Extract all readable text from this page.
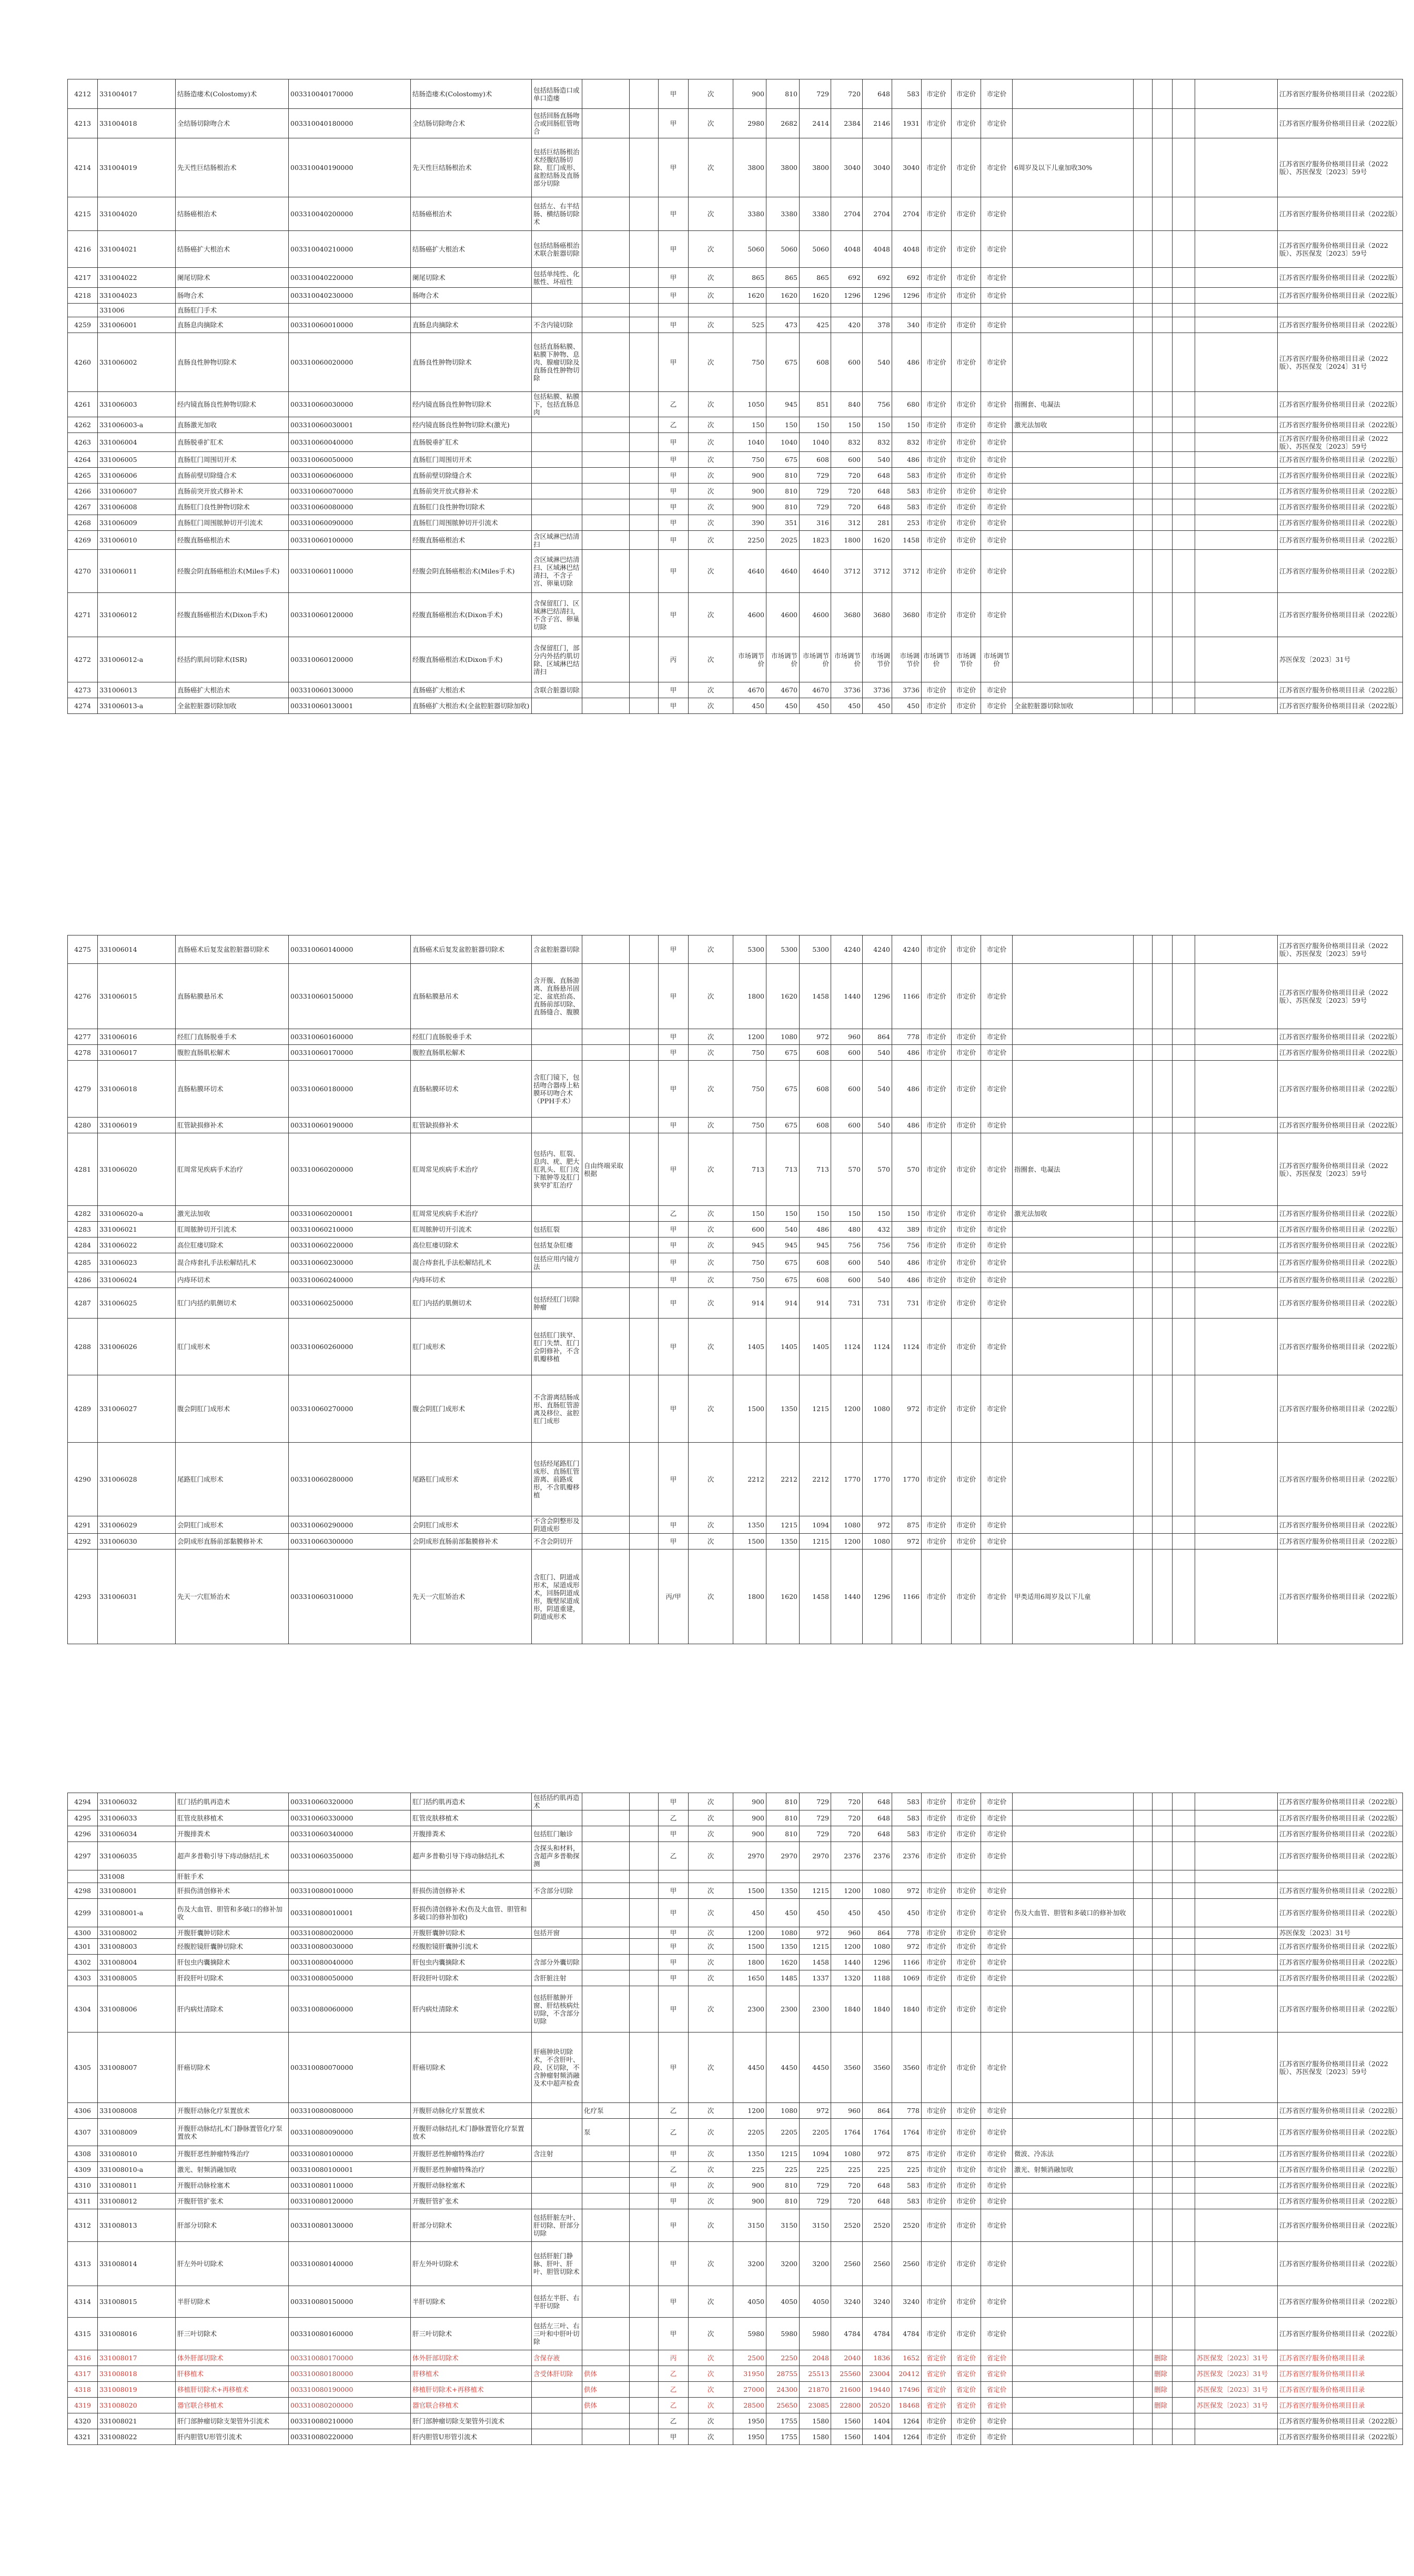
4212	331004017	结肠造瘘术(Colostomy)术	003310040170000	结肠造瘘术(Colostomy)术	包括结肠造口或单口造瘘			甲	次	900	810	729	720	648	583	市定价	市定价	市定价						江苏省医疗服务价格项目目录（2022版）
4213	331004018	全结肠切除吻合术	003310040180000	全结肠切除吻合术	包括回肠直肠吻合或回肠肛管吻合			甲	次	2980	2682	2414	2384	2146	1931	市定价	市定价	市定价						江苏省医疗服务价格项目目录（2022版）
4214	331004019	先天性巨结肠根治术	003310040190000	先天性巨结肠根治术	包括巨结肠根治术经腹结肠切除、肛门成形、盆腔结肠及直肠部分切除			甲	次	3800	3800	3800	3040	3040	3040	市定价	市定价	市定价	6周岁及以下儿童加收30%					江苏省医疗服务价格项目目录（2022版）、苏医保发〔2023〕59号
4215	331004020	结肠癌根治术	003310040200000	结肠癌根治术	包括左、右半结肠、横结肠切除术			甲	次	3380	3380	3380	2704	2704	2704	市定价	市定价	市定价						江苏省医疗服务价格项目目录（2022版）
4216	331004021	结肠癌扩大根治术	003310040210000	结肠癌扩大根治术	包括结肠癌根治术联合脏器切除			甲	次	5060	5060	5060	4048	4048	4048	市定价	市定价	市定价						江苏省医疗服务价格项目目录（2022版）、苏医保发〔2023〕59号
4217	331004022	阑尾切除术	003310040220000	阑尾切除术	包括单纯性、化脓性、坏疽性			甲	次	865	865	865	692	692	692	市定价	市定价	市定价						江苏省医疗服务价格项目目录（2022版）
4218	331004023	肠吻合术	003310040230000	肠吻合术				甲	次	1620	1620	1620	1296	1296	1296	市定价	市定价	市定价						江苏省医疗服务价格项目目录（2022版）
	331006	直肠肛门手术																						
4259	331006001	直肠息肉摘除术	003310060010000	直肠息肉摘除术	不含内镜切除			甲	次	525	473	425	420	378	340	市定价	市定价	市定价						江苏省医疗服务价格项目目录（2022版）
4260	331006002	直肠良性肿物切除术	003310060020000	直肠良性肿物切除术	包括直肠粘膜、粘膜下肿物、息肉、腺瘤切除及直肠良性肿物切除			甲	次	750	675	608	600	540	486	市定价	市定价	市定价						江苏省医疗服务价格项目目录（2022版）、苏医保发〔2024〕31号
4261	331006003	经内镜直肠良性肿物切除术	003310060030000	经内镜直肠良性肿物切除术	包括粘膜、粘膜下，包括直肠息肉			乙	次	1050	945	851	840	756	680	市定价	市定价	市定价	指圈套、电凝法					江苏省医疗服务价格项目目录（2022版）
4262	331006003-a	直肠激光加收	003310060030001	经内镜直肠良性肿物切除术(激光)				乙	次	150	150	150	150	150	150	市定价	市定价	市定价	激光法加收					江苏省医疗服务价格项目目录（2022版）
4263	331006004	直肠脱垂扩肛术	003310060040000	直肠脱垂扩肛术				甲	次	1040	1040	1040	832	832	832	市定价	市定价	市定价						江苏省医疗服务价格项目目录（2022版）、苏医保发〔2023〕59号
4264	331006005	直肠肛门周围切开术	003310060050000	直肠肛门周围切开术				甲	次	750	675	608	600	540	486	市定价	市定价	市定价						江苏省医疗服务价格项目目录（2022版）
4265	331006006	直肠前壁切除缝合术	003310060060000	直肠前壁切除缝合术				甲	次	900	810	729	720	648	583	市定价	市定价	市定价						江苏省医疗服务价格项目目录（2022版）
4266	331006007	直肠前突开放式修补术	003310060070000	直肠前突开放式修补术				甲	次	900	810	729	720	648	583	市定价	市定价	市定价						江苏省医疗服务价格项目目录（2022版）
4267	331006008	直肠肛门良性肿物切除术	003310060080000	直肠肛门良性肿物切除术				甲	次	900	810	729	720	648	583	市定价	市定价	市定价						江苏省医疗服务价格项目目录（2022版）
4268	331006009	直肠肛门周围脓肿切开引流术	003310060090000	直肠肛门周围脓肿切开引流术				甲	次	390	351	316	312	281	253	市定价	市定价	市定价						江苏省医疗服务价格项目目录（2022版）
4269	331006010	经腹直肠癌根治术	003310060100000	经腹直肠癌根治术	含区域淋巴结清扫			甲	次	2250	2025	1823	1800	1620	1458	市定价	市定价	市定价						江苏省医疗服务价格项目目录（2022版）
4270	331006011	经腹会阴直肠癌根治术(Miles手术)	003310060110000	经腹会阴直肠癌根治术(Miles手术)	含区域淋巴结清扫、区域淋巴结清扫，不含子宫、卵巢切除			甲	次	4640	4640	4640	3712	3712	3712	市定价	市定价	市定价						江苏省医疗服务价格项目目录（2022版）
4271	331006012	经腹直肠癌根治术(Dixon手术)	003310060120000	经腹直肠癌根治术(Dixon手术)	含保留肛门、区域淋巴结清扫，不含子宫、卵巢切除			甲	次	4600	4600	4600	3680	3680	3680	市定价	市定价	市定价						江苏省医疗服务价格项目目录（2022版）
4272	331006012-a	经括约肌间切除术(ISR)	003310060120000	经腹直肠癌根治术(Dixon手术)	含保留肛门，部分内外括约肌切除、区域淋巴结清扫			丙	次	市场调节价	市场调节价	市场调节价	市场调节价	市场调节价	市场调节价	市场调节价	市场调节价	市场调节价						苏医保发〔2023〕31号
4273	331006013	直肠癌扩大根治术	003310060130000	直肠癌扩大根治术	含联合脏器切除			甲	次	4670	4670	4670	3736	3736	3736	市定价	市定价	市定价						江苏省医疗服务价格项目目录（2022版）
4274	331006013-a	全盆腔脏器切除加收	003310060130001	直肠癌扩大根治术(全盆腔脏器切除加收)				甲	次	450	450	450	450	450	450	市定价	市定价	市定价	全盆腔脏器切除加收					江苏省医疗服务价格项目目录（2022版）
4275	331006014	直肠癌术后复发盆腔脏器切除术	003310060140000	直肠癌术后复发盆腔脏器切除术	含盆腔脏器切除			甲	次	5300	5300	5300	4240	4240	4240	市定价	市定价	市定价						江苏省医疗服务价格项目目录（2022版）、苏医保发〔2023〕59号
4276	331006015	直肠粘膜悬吊术	003310060150000	直肠粘膜悬吊术	含开腹、直肠游离、直肠悬吊固定、盆底抬高、直肠前部切除、直肠缝合、腹膜			甲	次	1800	1620	1458	1440	1296	1166	市定价	市定价	市定价						江苏省医疗服务价格项目目录（2022版）、苏医保发〔2023〕59号
4277	331006016	经肛门直肠脱垂手术	003310060160000	经肛门直肠脱垂手术				甲	次	1200	1080	972	960	864	778	市定价	市定价	市定价						江苏省医疗服务价格项目目录（2022版）
4278	331006017	腹腔直肠肌松解术	003310060170000	腹腔直肠肌松解术				甲	次	750	675	608	600	540	486	市定价	市定价	市定价						江苏省医疗服务价格项目目录（2022版）
4279	331006018	直肠粘膜环切术	003310060180000	直肠粘膜环切术	含肛门镜下，包括吻合器痔上粘膜环切吻合术（PPH手术）			甲	次	750	675	608	600	540	486	市定价	市定价	市定价						江苏省医疗服务价格项目目录（2022版）
4280	331006019	肛管缺损修补术	003310060190000	肛管缺损修补术				甲	次	750	675	608	600	540	486	市定价	市定价	市定价						江苏省医疗服务价格项目目录（2022版）
4281	331006020	肛周常见疾病手术治疗	003310060200000	肛周常见疾病手术治疗	包括内、肛裂、息肉、疣、肥大肛乳头、肛门皮下脓肿等及肛门狭窄扩肛治疗	自由终端采取根据		甲	次	713	713	713	570	570	570	市定价	市定价	市定价	指圈套、电凝法					江苏省医疗服务价格项目目录（2022版）、苏医保发〔2023〕59号
4282	331006020-a	激光法加收	003310060200001	肛周常见疾病手术治疗				乙	次	150	150	150	150	150	150	市定价	市定价	市定价	激光法加收					江苏省医疗服务价格项目目录（2022版）
4283	331006021	肛周脓肿切开引流术	003310060210000	肛周脓肿切开引流术	包括肛裂			甲	次	600	540	486	480	432	389	市定价	市定价	市定价						江苏省医疗服务价格项目目录（2022版）
4284	331006022	高位肛瘘切除术	003310060220000	高位肛瘘切除术	包括复杂肛瘘			甲	次	945	945	945	756	756	756	市定价	市定价	市定价						江苏省医疗服务价格项目目录（2022版）
4285	331006023	混合痔套扎手法松解结扎术	003310060230000	混合痔套扎手法松解结扎术	包括应用内镜方法			甲	次	750	675	608	600	540	486	市定价	市定价	市定价						江苏省医疗服务价格项目目录（2022版）
4286	331006024	内痔环切术	003310060240000	内痔环切术				甲	次	750	675	608	600	540	486	市定价	市定价	市定价						江苏省医疗服务价格项目目录（2022版）
4287	331006025	肛门内括约肌侧切术	003310060250000	肛门内括约肌侧切术	包括经肛门切除肿瘤			甲	次	914	914	914	731	731	731	市定价	市定价	市定价						江苏省医疗服务价格项目目录（2022版）
4288	331006026	肛门成形术	003310060260000	肛门成形术	包括肛门狭窄、肛门失禁、肛门会阴修补，不含肌瓣移植			甲	次	1405	1405	1405	1124	1124	1124	市定价	市定价	市定价						江苏省医疗服务价格项目目录（2022版）
4289	331006027	腹会阴肛门成形术	003310060270000	腹会阴肛门成形术	不含游离结肠成形、直肠肛管游离及移位、盆腔肛门成形			甲	次	1500	1350	1215	1200	1080	972	市定价	市定价	市定价						江苏省医疗服务价格项目目录（2022版）
4290	331006028	尾路肛门成形术	003310060280000	尾路肛门成形术	包括经尾路肛门成形、直肠肛管游离、前路成形，不含肌瓣移植			甲	次	2212	2212	2212	1770	1770	1770	市定价	市定价	市定价						江苏省医疗服务价格项目目录（2022版）
4291	331006029	会阴肛门成形术	003310060290000	会阴肛门成形术	不含会阴整形及阴道成形			甲	次	1350	1215	1094	1080	972	875	市定价	市定价	市定价						江苏省医疗服务价格项目目录（2022版）
4292	331006030	会阴成形直肠前部黏膜修补术	003310060300000	会阴成形直肠前部黏膜修补术	不含会阴切开			甲	次	1500	1350	1215	1200	1080	972	市定价	市定价	市定价						江苏省医疗服务价格项目目录（2022版）
4293	331006031	先天一穴肛矫治术	003310060310000	先天一穴肛矫治术	含肛门、阴道成形术，尿道成形术，回肠阴道成形，腹壁尿道成形，阴道重建，阴道成形术			丙/甲	次	1800	1620	1458	1440	1296	1166	市定价	市定价	市定价	甲类适用6周岁及以下儿童					江苏省医疗服务价格项目目录（2022版）
4294	331006032	肛门括约肌再造术	003310060320000	肛门括约肌再造术	包括括约肌再造术			甲	次	900	810	729	720	648	583	市定价	市定价	市定价						江苏省医疗服务价格项目目录（2022版）
4295	331006033	肛管皮肤移植术	003310060330000	肛管皮肤移植术				乙	次	900	810	729	720	648	583	市定价	市定价	市定价						江苏省医疗服务价格项目目录（2022版）
4296	331006034	开腹排粪术	003310060340000	开腹排粪术	包括肛门触诊			甲	次	900	810	729	720	648	583	市定价	市定价	市定价						江苏省医疗服务价格项目目录（2022版）
4297	331006035	超声多普勒引导下痔动脉结扎术	003310060350000	超声多普勒引导下痔动脉结扎术	含探头和材料，含超声多普勒探测			乙	次	2970	2970	2970	2376	2376	2376	市定价	市定价	市定价						江苏省医疗服务价格项目目录（2022版）
	331008	肝脏手术																						
4298	331008001	肝损伤清创修补术	003310080010000	肝损伤清创修补术	不含部分切除			甲	次	1500	1350	1215	1200	1080	972	市定价	市定价	市定价						江苏省医疗服务价格项目目录（2022版）
4299	331008001-a	伤及大血管、胆管和多破口的修补加收	003310080010001	肝损伤清创修补术(伤及大血管、胆管和多破口的修补加收)				甲	次	450	450	450	450	450	450	市定价	市定价	市定价	伤及大血管、胆管和多破口的修补加收					江苏省医疗服务价格项目目录（2022版）
4300	331008002	开腹肝囊肿切除术	003310080020000	开腹肝囊肿切除术	包括开窗			甲	次	1200	1080	972	960	864	778	市定价	市定价	市定价						苏医保发〔2023〕31号
4301	331008003	经腹腔镜肝囊肿切除术	003310080030000	经腹腔镜肝囊肿引流术				甲	次	1500	1350	1215	1200	1080	972	市定价	市定价	市定价						江苏省医疗服务价格项目目录（2022版）
4302	331008004	肝包虫内囊摘除术	003310080040000	肝包虫内囊摘除术	含部分外囊切除			甲	次	1800	1620	1458	1440	1296	1166	市定价	市定价	市定价						江苏省医疗服务价格项目目录（2022版）
4303	331008005	肝段肝叶切除术	003310080050000	肝段肝叶切除术	含肝脏注射			甲	次	1650	1485	1337	1320	1188	1069	市定价	市定价	市定价						江苏省医疗服务价格项目目录（2022版）
4304	331008006	肝内病灶清除术	003310080060000	肝内病灶清除术	包括肝脓肿开窗、肝结核病灶切除，不含部分切除			甲	次	2300	2300	2300	1840	1840	1840	市定价	市定价	市定价						江苏省医疗服务价格项目目录（2022版）
4305	331008007	肝癌切除术	003310080070000	肝癌切除术	肝癌肿块切除术，不含肝叶、段、区切除，不含肿瘤射频消融及术中超声检查			甲	次	4450	4450	4450	3560	3560	3560	市定价	市定价	市定价						江苏省医疗服务价格项目目录（2022版）、苏医保发〔2023〕59号
4306	331008008	开腹肝动脉化疗泵置放术	003310080080000	开腹肝动脉化疗泵置放术		化疗泵		乙	次	1200	1080	972	960	864	778	市定价	市定价	市定价						江苏省医疗服务价格项目目录（2022版）
4307	331008009	开腹肝动脉结扎术门静脉置管化疗泵置放术	003310080090000	开腹肝动脉结扎术门静脉置管化疗泵置放术		泵		乙	次	2205	2205	2205	1764	1764	1764	市定价	市定价	市定价						江苏省医疗服务价格项目目录（2022版）
4308	331008010	开腹肝恶性肿瘤特殊治疗	003310080100000	开腹肝恶性肿瘤特殊治疗	含注射			甲	次	1350	1215	1094	1080	972	875	市定价	市定价	市定价	微波、冷冻法					江苏省医疗服务价格项目目录（2022版）
4309	331008010-a	激光、射频消融加收	003310080100001	开腹肝恶性肿瘤特殊治疗				乙	次	225	225	225	225	225	225	市定价	市定价	市定价	激光、射频消融加收					江苏省医疗服务价格项目目录（2022版）
4310	331008011	开腹肝动脉栓塞术	003310080110000	开腹肝动脉栓塞术				甲	次	900	810	729	720	648	583	市定价	市定价	市定价						江苏省医疗服务价格项目目录（2022版）
4311	331008012	开腹肝管扩张术	003310080120000	开腹肝管扩张术				甲	次	900	810	729	720	648	583	市定价	市定价	市定价						江苏省医疗服务价格项目目录（2022版）
4312	331008013	肝部分切除术	003310080130000	肝部分切除术	包括肝脏左叶、肝切除、肝部分切除			甲	次	3150	3150	3150	2520	2520	2520	市定价	市定价	市定价						江苏省医疗服务价格项目目录（2022版）
4313	331008014	肝左外叶切除术	003310080140000	肝左外叶切除术	包括肝脏门静脉、肝叶、肝叶、胆管切除术			甲	次	3200	3200	3200	2560	2560	2560	市定价	市定价	市定价						江苏省医疗服务价格项目目录（2022版）
4314	331008015	半肝切除术	003310080150000	半肝切除术	包括左半肝、右半肝切除			甲	次	4050	4050	4050	3240	3240	3240	市定价	市定价	市定价						江苏省医疗服务价格项目目录（2022版）
4315	331008016	肝三叶切除术	003310080160000	肝三叶切除术	包括左三叶、右三叶和中肝叶切除			甲	次	5980	5980	5980	4784	4784	4784	市定价	市定价	市定价						江苏省医疗服务价格项目目录（2022版）
4316	331008017	体外肝部切除术	003310080170000	体外肝部切除术	含保存液			丙	次	2500	2250	2048	2040	1836	1652	省定价	省定价	省定价			删除		苏医保发〔2023〕31号	江苏省医疗服务价格项目目录
4317	331008018	肝移植术	003310080180000	肝移植术	含受体肝切除	供体		乙	次	31950	28755	25513	25560	23004	20412	省定价	省定价	省定价			删除		苏医保发〔2023〕31号	江苏省医疗服务价格项目目录
4318	331008019	移植肝切除术+再移植术	003310080190000	移植肝切除术+再移植术		供体		乙	次	27000	24300	21870	21600	19440	17496	省定价	省定价	省定价			删除		苏医保发〔2023〕31号	江苏省医疗服务价格项目目录
4319	331008020	器官联合移植术	003310080200000	器官联合移植术		供体		乙	次	28500	25650	23085	22800	20520	18468	省定价	省定价	省定价			删除		苏医保发〔2023〕31号	江苏省医疗服务价格项目目录
4320	331008021	肝门部肿瘤切除支架管外引流术	003310080210000	肝门部肿瘤切除支架管外引流术				乙	次	1950	1755	1580	1560	1404	1264	市定价	市定价	市定价						江苏省医疗服务价格项目目录（2022版）
4321	331008022	肝内胆管U形管引流术	003310080220000	肝内胆管U形管引流术				甲	次	1950	1755	1580	1560	1404	1264	市定价	市定价	市定价						江苏省医疗服务价格项目目录（2022版）
